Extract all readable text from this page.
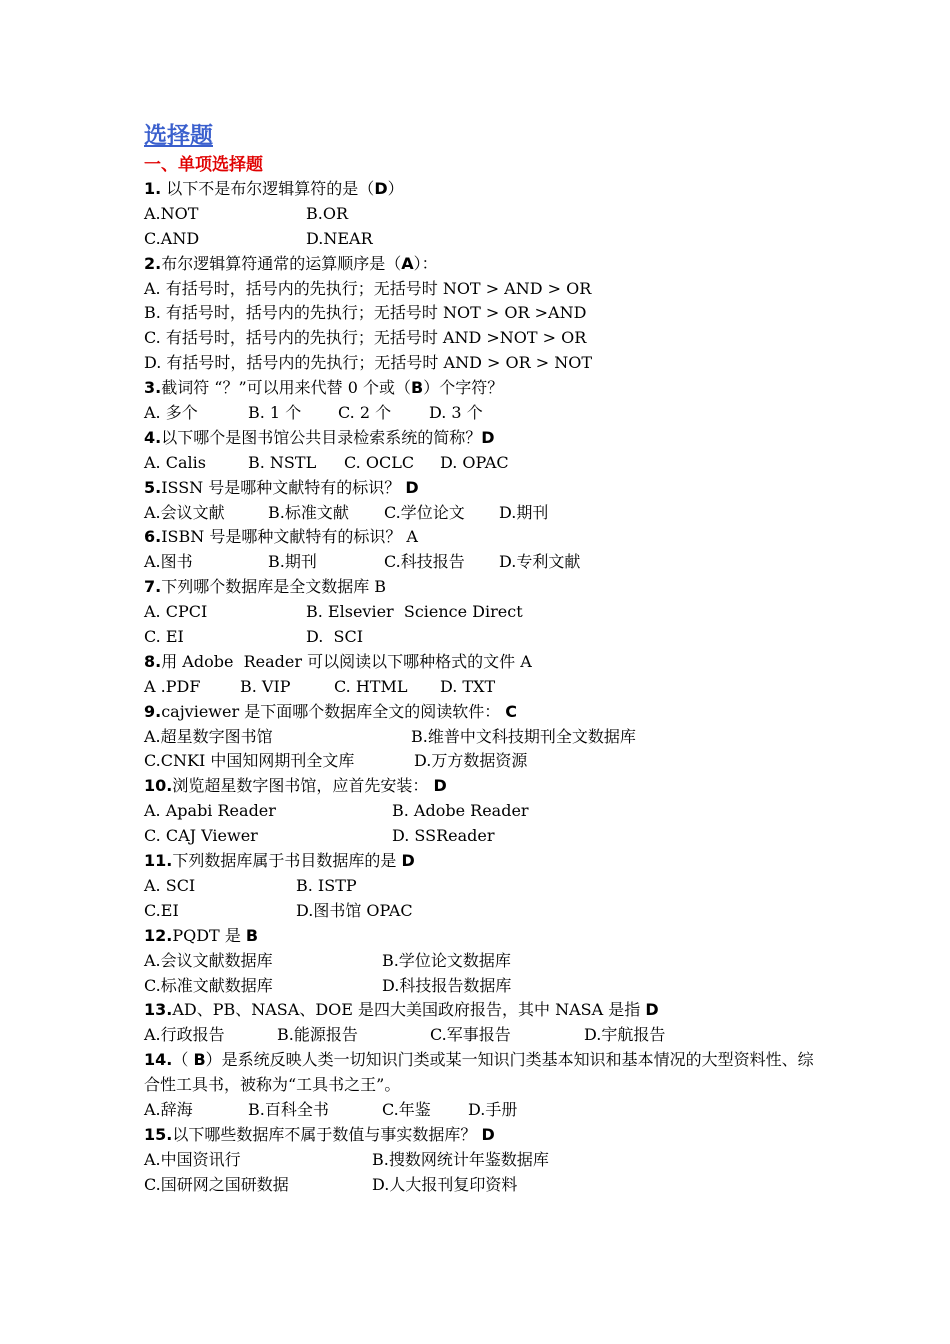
选择题
一、单项选择题
1. 以下不是布尔逻辑算符的是（D）
A.NOT	B.OR
C.AND	D.NEAR
2.布尔逻辑算符通常的运算顺序是（A）：
A. 有括号时，括号内的先执行；无括号时 NOT > AND > OR
B. 有括号时，括号内的先执行；无括号时 NOT > OR >AND
C. 有括号时，括号内的先执行；无括号时 AND >NOT > OR
D. 有括号时，括号内的先执行；无括号时 AND > OR > NOT
3.截词符 “？”可以用来代替 0 个或（B）个字符？
A. 多个	B. 1 个 C. 2 个 D. 3 个
4.以下哪个是图书馆公共目录检索系统的简称？D
A. Calis	B. NSTL C. OCLC D. OPAC
5.ISSN 号是哪种文献特有的标识？ D
A.会议文献	B.标准文献 C.学位论文 D.期刊
6.ISBN 号是哪种文献特有的标识？ A
A.图书	B.期刊	C.科技报告 D.专利文献
7.下列哪个数据库是全文数据库 B
A. CPCI	B. Elsevier  Science Direct
C. EI	D.  SCI
8.用 Adobe  Reader 可以阅读以下哪种格式的文件 A
A .PDF B. VIP	C. HTML D. TXT
9.cajviewer 是下面哪个数据库全文的阅读软件： C
A.超星数字图书馆	B.维普中文科技期刊全文数据库
C.CNKI 中国知网期刊全文库	D.万方数据资源
10.浏览超星数字图书馆，应首先安装： D
A. Apabi Reader	B. Adobe Reader
C. CAJ Viewer	D. SSReader
11.下列数据库属于书目数据库的是 D
A. SCI	B. ISTP
C.EI	D.图书馆 OPAC
12.PQDT 是 B
A.会议文献数据库	B.学位论文数据库
C.标准文献数据库	D.科技报告数据库
13.AD、PB、NASA、DOE 是四大美国政府报告，其中 NASA 是指 D
A.行政报告	B.能源报告	C.军事报告	D.宇航报告
14.（ B）是系统反映人类一切知识门类或某一知识门类基本知识和基本情况的大型资料性、综合性工具书，被称为“工具书之王”。
A.辞海	B.百科全书	C.年鉴 D.手册
15.以下哪些数据库不属于数值与事实数据库？ D
A.中国资讯行	B.搜数网统计年鉴数据库
C.国研网之国研数据	D.人大报刊复印资料
